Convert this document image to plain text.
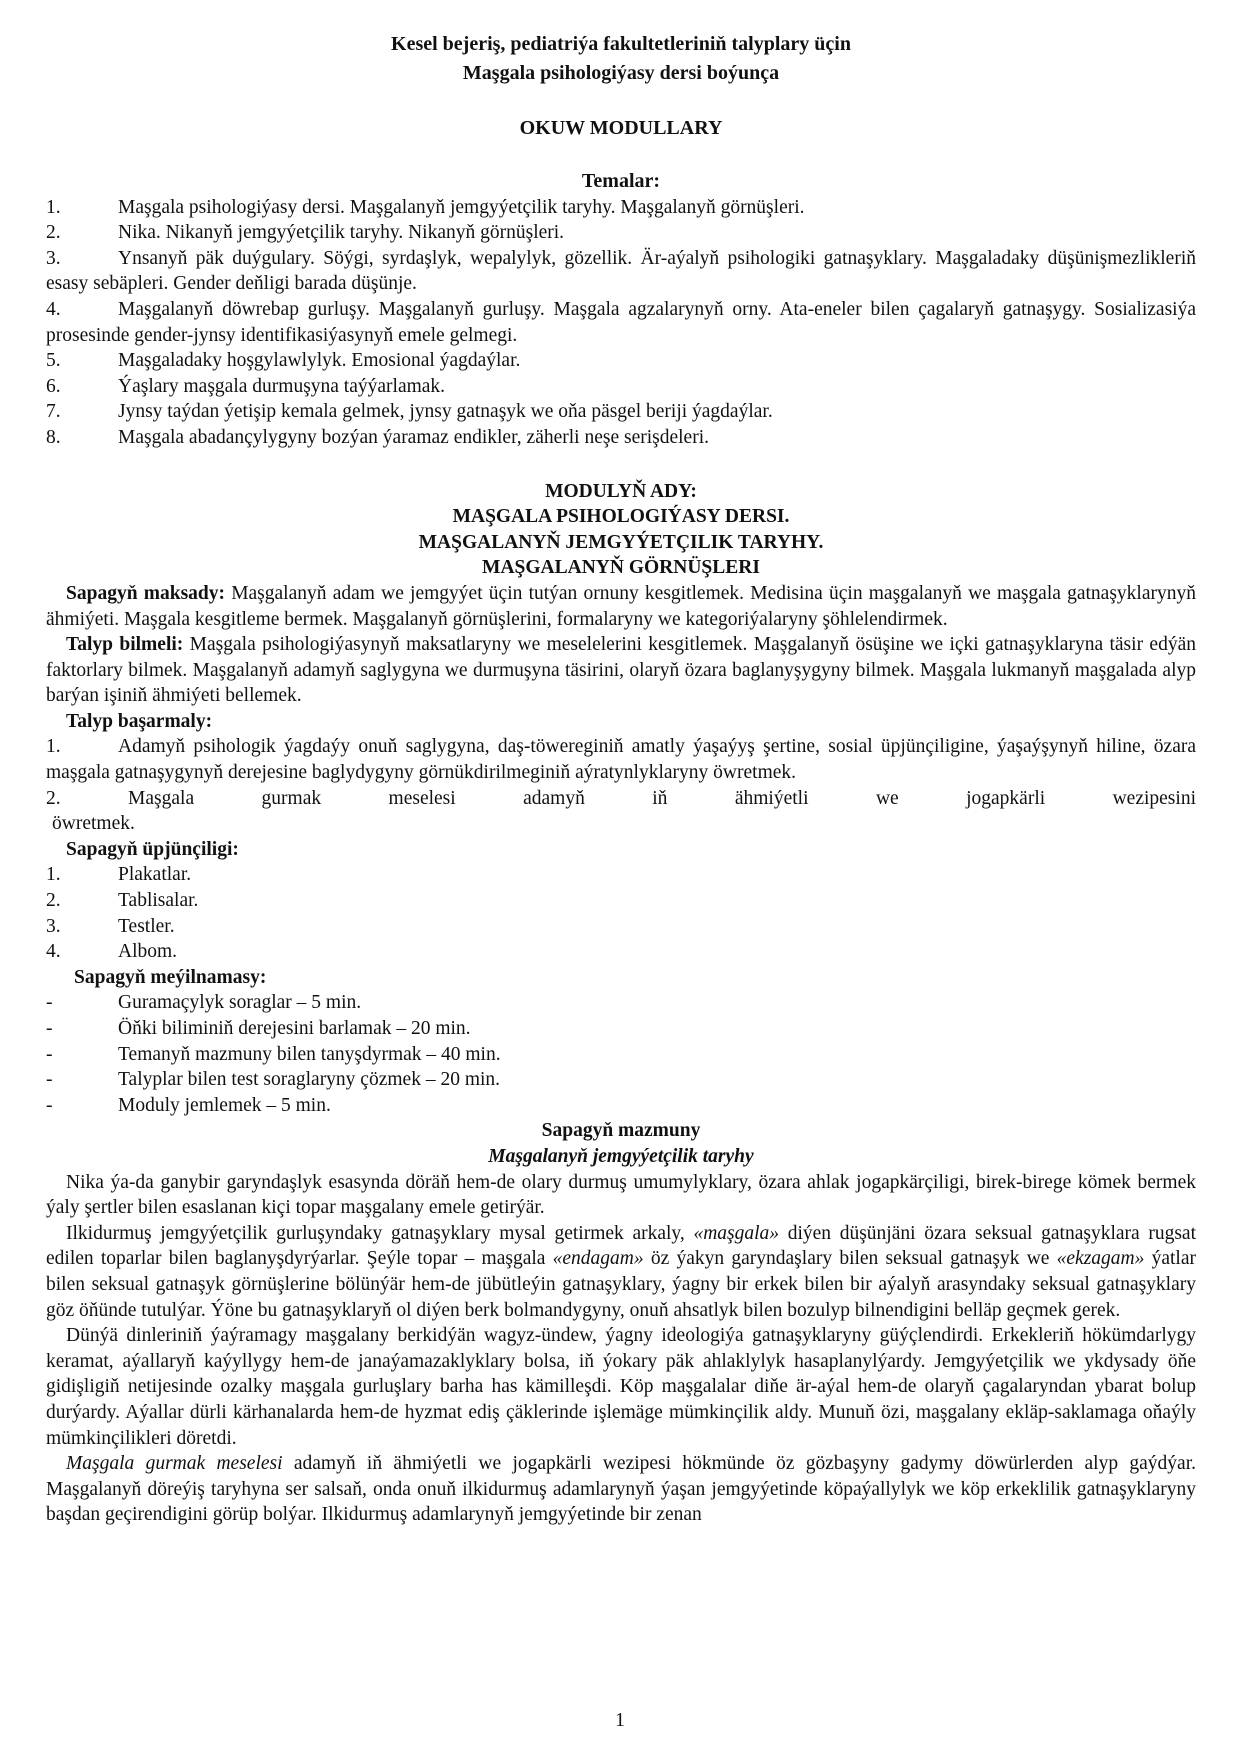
Kesel bejeriş, pediatriýa fakultetleriniň talyplary üçin
Maşgala psihologiýasy dersi boýunça
OKUW MODULLARY
Temalar:
1.	Maşgala psihologiýasy dersi. Maşgalanyň jemgyýetçilik taryhy. Maşgalanyň görnüşleri.
2.	Nika. Nikanyň jemgyýetçilik taryhy. Nikanyň görnüşleri.
3.	Ynsanyň päk duýgulary. Söýgi, syrdaşlyk, wepalylyk, gözellik. Är-aýalyň psihologiki gatnaşyklary. Maşgaladaky düşünişmezlikleriň esasy sebäpleri. Gender deňligi barada düşünje.
4.	Maşgalanyň döwrebap gurluşy. Maşgalanyň gurluşy. Maşgala agzalarynyň orny. Ata-eneler bilen çagalaryň gatnaşygy. Sosializasiýa prosesinde gender-jynsy identifikasiýasynyň emele gelmegi.
5.	Maşgaladaky hoşgylawlylyk. Emosional ýagdaýlar.
6.	Ýaşlary maşgala durmuşyna taýýarlamak.
7.	Jynsy taýdan ýetişip kemala gelmek, jynsy gatnaşyk we oňa päsgel beriji ýagdaýlar.
8.	Maşgala abadançylygyny bozýan ýaramaz endikler, zäherli neşe serişdeleri.
MODULYŇ ADY:
MAŞGALA PSIHOLOGIÝASY DERSI.
MAŞGALANYŇ JEMGYÝETÇILIK TARYHY.
MAŞGALANYŇ GÖRNÜŞLERI

Sapagyň maksady: Maşgalanyň adam we jemgyýet üçin tutýan ornuny kesgitlemek. Medisina üçin maşgalanyň we maşgala gatnaşyklarynyň ähmiýeti. Maşgala kesgitleme bermek. Maşgalanyň görnüşlerini, formalaryny we kategoriýalaryny şöhlelendirmek.

Talyp bilmeli: Maşgala psihologiýasynyň maksatlaryny we meselelerini kesgitlemek. Maşgalanyň ösüşine we içki gatnaşyklaryna täsir edýän faktorlary bilmek. Maşgalanyň adamyň saglygyna we durmuşyna täsirini, olaryň özara baglanyşygyny bilmek. Maşgala lukmanyň maşgalada alyp barýan işiniň ähmiýeti bellemek.

Talyp başarmaly:
1.	Adamyň psihologik ýagdaýy onuň saglygyna, daş-töwereginiň amatly ýaşaýyş şertine, sosial üpjünçiligine, ýaşaýşynyň hiline, özara maşgala gatnaşygynyň derejesine baglydygyny görnükdirilmeginiň aýratynlyklaryny öwretmek.
2.	Maşgala	gurmak	meselesi	adamyň	iň	ähmiýetli	we	jogapkärli	wezipesini
öwretmek.
Sapagyň üpjünçiligi:
1.	Plakatlar.
2.	Tablisalar.
3.	Testler.
4.	Albom.
Sapagyň meýilnamasy:
-	Guramaçylyk soraglar – 5 min.
-	Öňki biliminiň derejesini barlamak – 20 min.
-	Temanyň mazmuny bilen tanyşdyrmak – 40 min.
-	Talyplar bilen test soraglaryny çözmek – 20 min.
-	Moduly jemlemek – 5 min.
Sapagyň mazmuny
Maşgalanyň jemgyýetçilik taryhy

Nika ýa-da ganybir garyndaşlyk esasynda döräň hem-de olary durmuş umumylyklary, özara ahlak jogapkärçiligi, birek-birege kömek bermek ýaly şertler bilen esaslanan kiçi topar maşgalany emele getirýär.

Ilkidurmuş jemgyýetçilik gurluşyndaky gatnaşyklary mysal getirmek arkaly, «maşgala» diýen düşünjäni özara seksual gatnaşyklara rugsat edilen toparlar bilen baglanyşdyrýarlar. Şeýle topar – maşgala «endagam» öz ýakyn garyndaşlary bilen seksual gatnaşyk we «ekzagam» ýatlar bilen seksual gatnaşyk görnüşlerine bölünýär hem-de jübütleýin gatnaşyklary, ýagny bir erkek bilen bir aýalyň arasyndaky seksual gatnaşyklary göz öňünde tutulýar. Ýöne bu gatnaşyklaryň ol diýen berk bolmandygyny, onuň ahsatlyk bilen bozulyp bilnendigini belläp geçmek gerek.

Dünýä dinleriniň ýaýramagy maşgalany berkidýän wagyz-ündew, ýagny ideologiýa gatnaşyklaryny güýçlendirdi. Erkekleriň hökümdarlygy keramat, aýallaryň kaýyllygy hem-de janaýamazaklyklary bolsa, iň ýokary päk ahlaklylyk hasaplanylýardy. Jemgyýetçilik we ykdysady öňe gidişligiň netijesinde ozalky maşgala gurluşlary barha has kämilleşdi. Köp maşgalalar diňe är-aýal hem-de olaryň çagalaryndan ybarat bolup durýardy. Aýallar dürli kärhanalarda hem-de hyzmat ediş çäklerinde işlemäge mümkinçilik aldy. Munuň özi, maşgalany ekläp-saklamaga oňaýly mümkinçilikleri döretdi.

Maşgala gurmak meselesi adamyň iň ähmiýetli we jogapkärli wezipesi hökmünde öz gözbaşyny gadymy döwürlerden alyp gaýdýar. Maşgalanyň döreýiş taryhyna ser salsaň, onda onuň ilkidurmuş adamlarynyň ýaşan jemgyýetinde köpaýallylyk we köp erkeklilik gatnaşyklaryny başdan geçirendigini görüp bolýar. Ilkidurmuş adamlarynyň jemgyýetinde bir zenan

1
